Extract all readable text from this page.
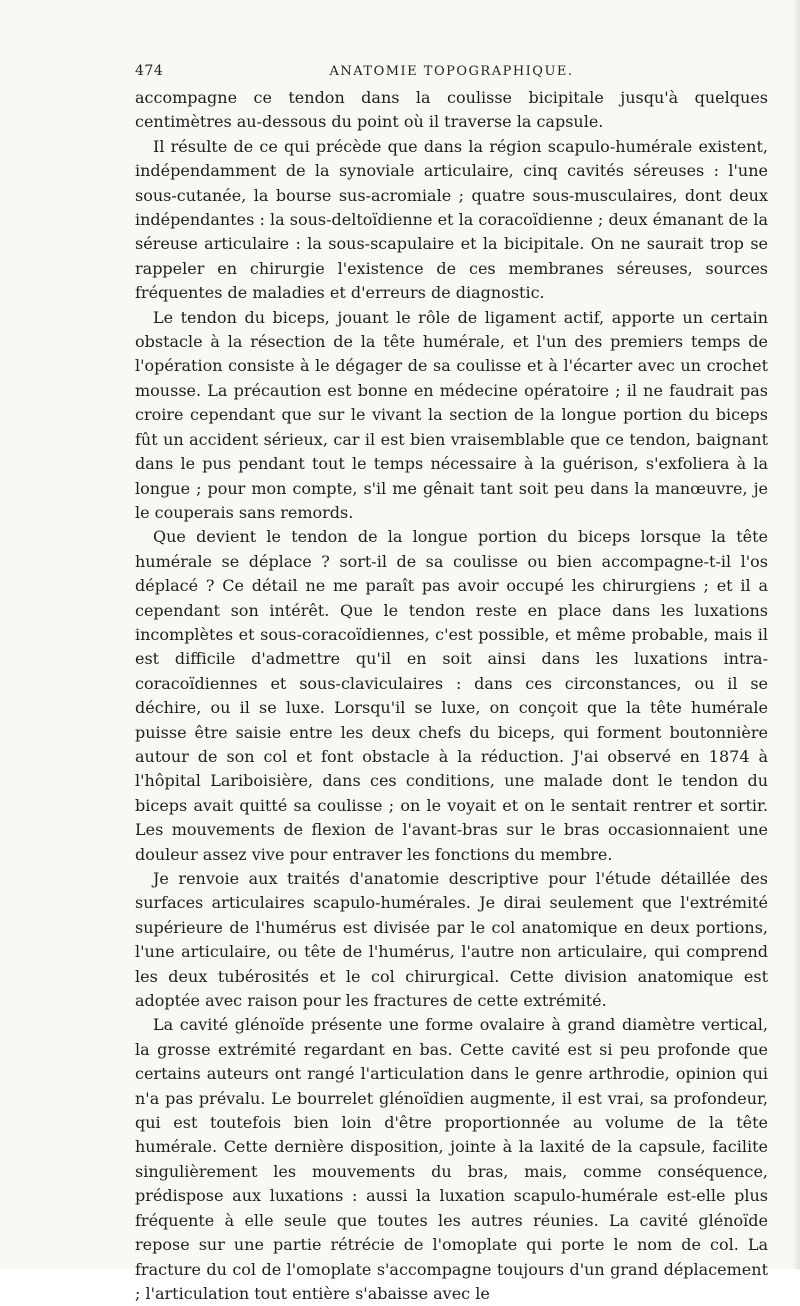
474	ANATOMIE TOPOGRAPHIQUE.

accompagne ce tendon dans la coulisse bicipitale jusqu'à quelques centimètres au-dessous du point où il traverse la capsule.

Il résulte de ce qui précède que dans la région scapulo-humérale existent, indépendamment de la synoviale articulaire, cinq cavités séreuses : l'une sous-cutanée, la bourse sus-acromiale ; quatre sous-musculaires, dont deux indépendantes : la sous-deltoïdienne et la coracoïdienne ; deux émanant de la séreuse articulaire : la sous-scapulaire et la bicipitale. On ne saurait trop se rappeler en chirurgie l'existence de ces membranes séreuses, sources fréquentes de maladies et d'erreurs de diagnostic.

Le tendon du biceps, jouant le rôle de ligament actif, apporte un certain obstacle à la résection de la tête humérale, et l'un des premiers temps de l'opération consiste à le dégager de sa coulisse et à l'écarter avec un crochet mousse. La précaution est bonne en médecine opératoire ; il ne faudrait pas croire cependant que sur le vivant la section de la longue portion du biceps fût un accident sérieux, car il est bien vraisemblable que ce tendon, baignant dans le pus pendant tout le temps nécessaire à la guérison, s'exfoliera à la longue ; pour mon compte, s'il me gênait tant soit peu dans la manœuvre, je le couperais sans remords.

Que devient le tendon de la longue portion du biceps lorsque la tête humérale se déplace ? sort-il de sa coulisse ou bien accompagne-t-il l'os déplacé ? Ce détail ne me paraît pas avoir occupé les chirurgiens ; et il a cependant son intérêt. Que le tendon reste en place dans les luxations incomplètes et sous-coracoïdiennes, c'est possible, et même probable, mais il est difficile d'admettre qu'il en soit ainsi dans les luxations intra-coracoïdiennes et sous-claviculaires : dans ces circonstances, ou il se déchire, ou il se luxe. Lorsqu'il se luxe, on conçoit que la tête humérale puisse être saisie entre les deux chefs du biceps, qui forment boutonnière autour de son col et font obstacle à la réduction. J'ai observé en 1874 à l'hôpital Lariboisière, dans ces conditions, une malade dont le tendon du biceps avait quitté sa coulisse ; on le voyait et on le sentait rentrer et sortir. Les mouvements de flexion de l'avant-bras sur le bras occasionnaient une douleur assez vive pour entraver les fonctions du membre.

Je renvoie aux traités d'anatomie descriptive pour l'étude détaillée des surfaces articulaires scapulo-humérales. Je dirai seulement que l'extrémité supérieure de l'humérus est divisée par le col anatomique en deux portions, l'une articulaire, ou tête de l'humérus, l'autre non articulaire, qui comprend les deux tubérosités et le col chirurgical. Cette division anatomique est adoptée avec raison pour les fractures de cette extrémité.

La cavité glénoïde présente une forme ovalaire à grand diamètre vertical, la grosse extrémité regardant en bas. Cette cavité est si peu profonde que certains auteurs ont rangé l'articulation dans le genre arthrodie, opinion qui n'a pas prévalu. Le bourrelet glénoïdien augmente, il est vrai, sa profondeur, qui est toutefois bien loin d'être proportionnée au volume de la tête humérale. Cette dernière disposition, jointe à la laxité de la capsule, facilite singulièrement les mouvements du bras, mais, comme conséquence, prédispose aux luxations : aussi la luxation scapulo-humérale est-elle plus fréquente à elle seule que toutes les autres réunies. La cavité glénoïde repose sur une partie rétrécie de l'omoplate qui porte le nom de col. La fracture du col de l'omoplate s'accompagne toujours d'un grand déplacement ; l'articulation tout entière s'abaisse avec le
